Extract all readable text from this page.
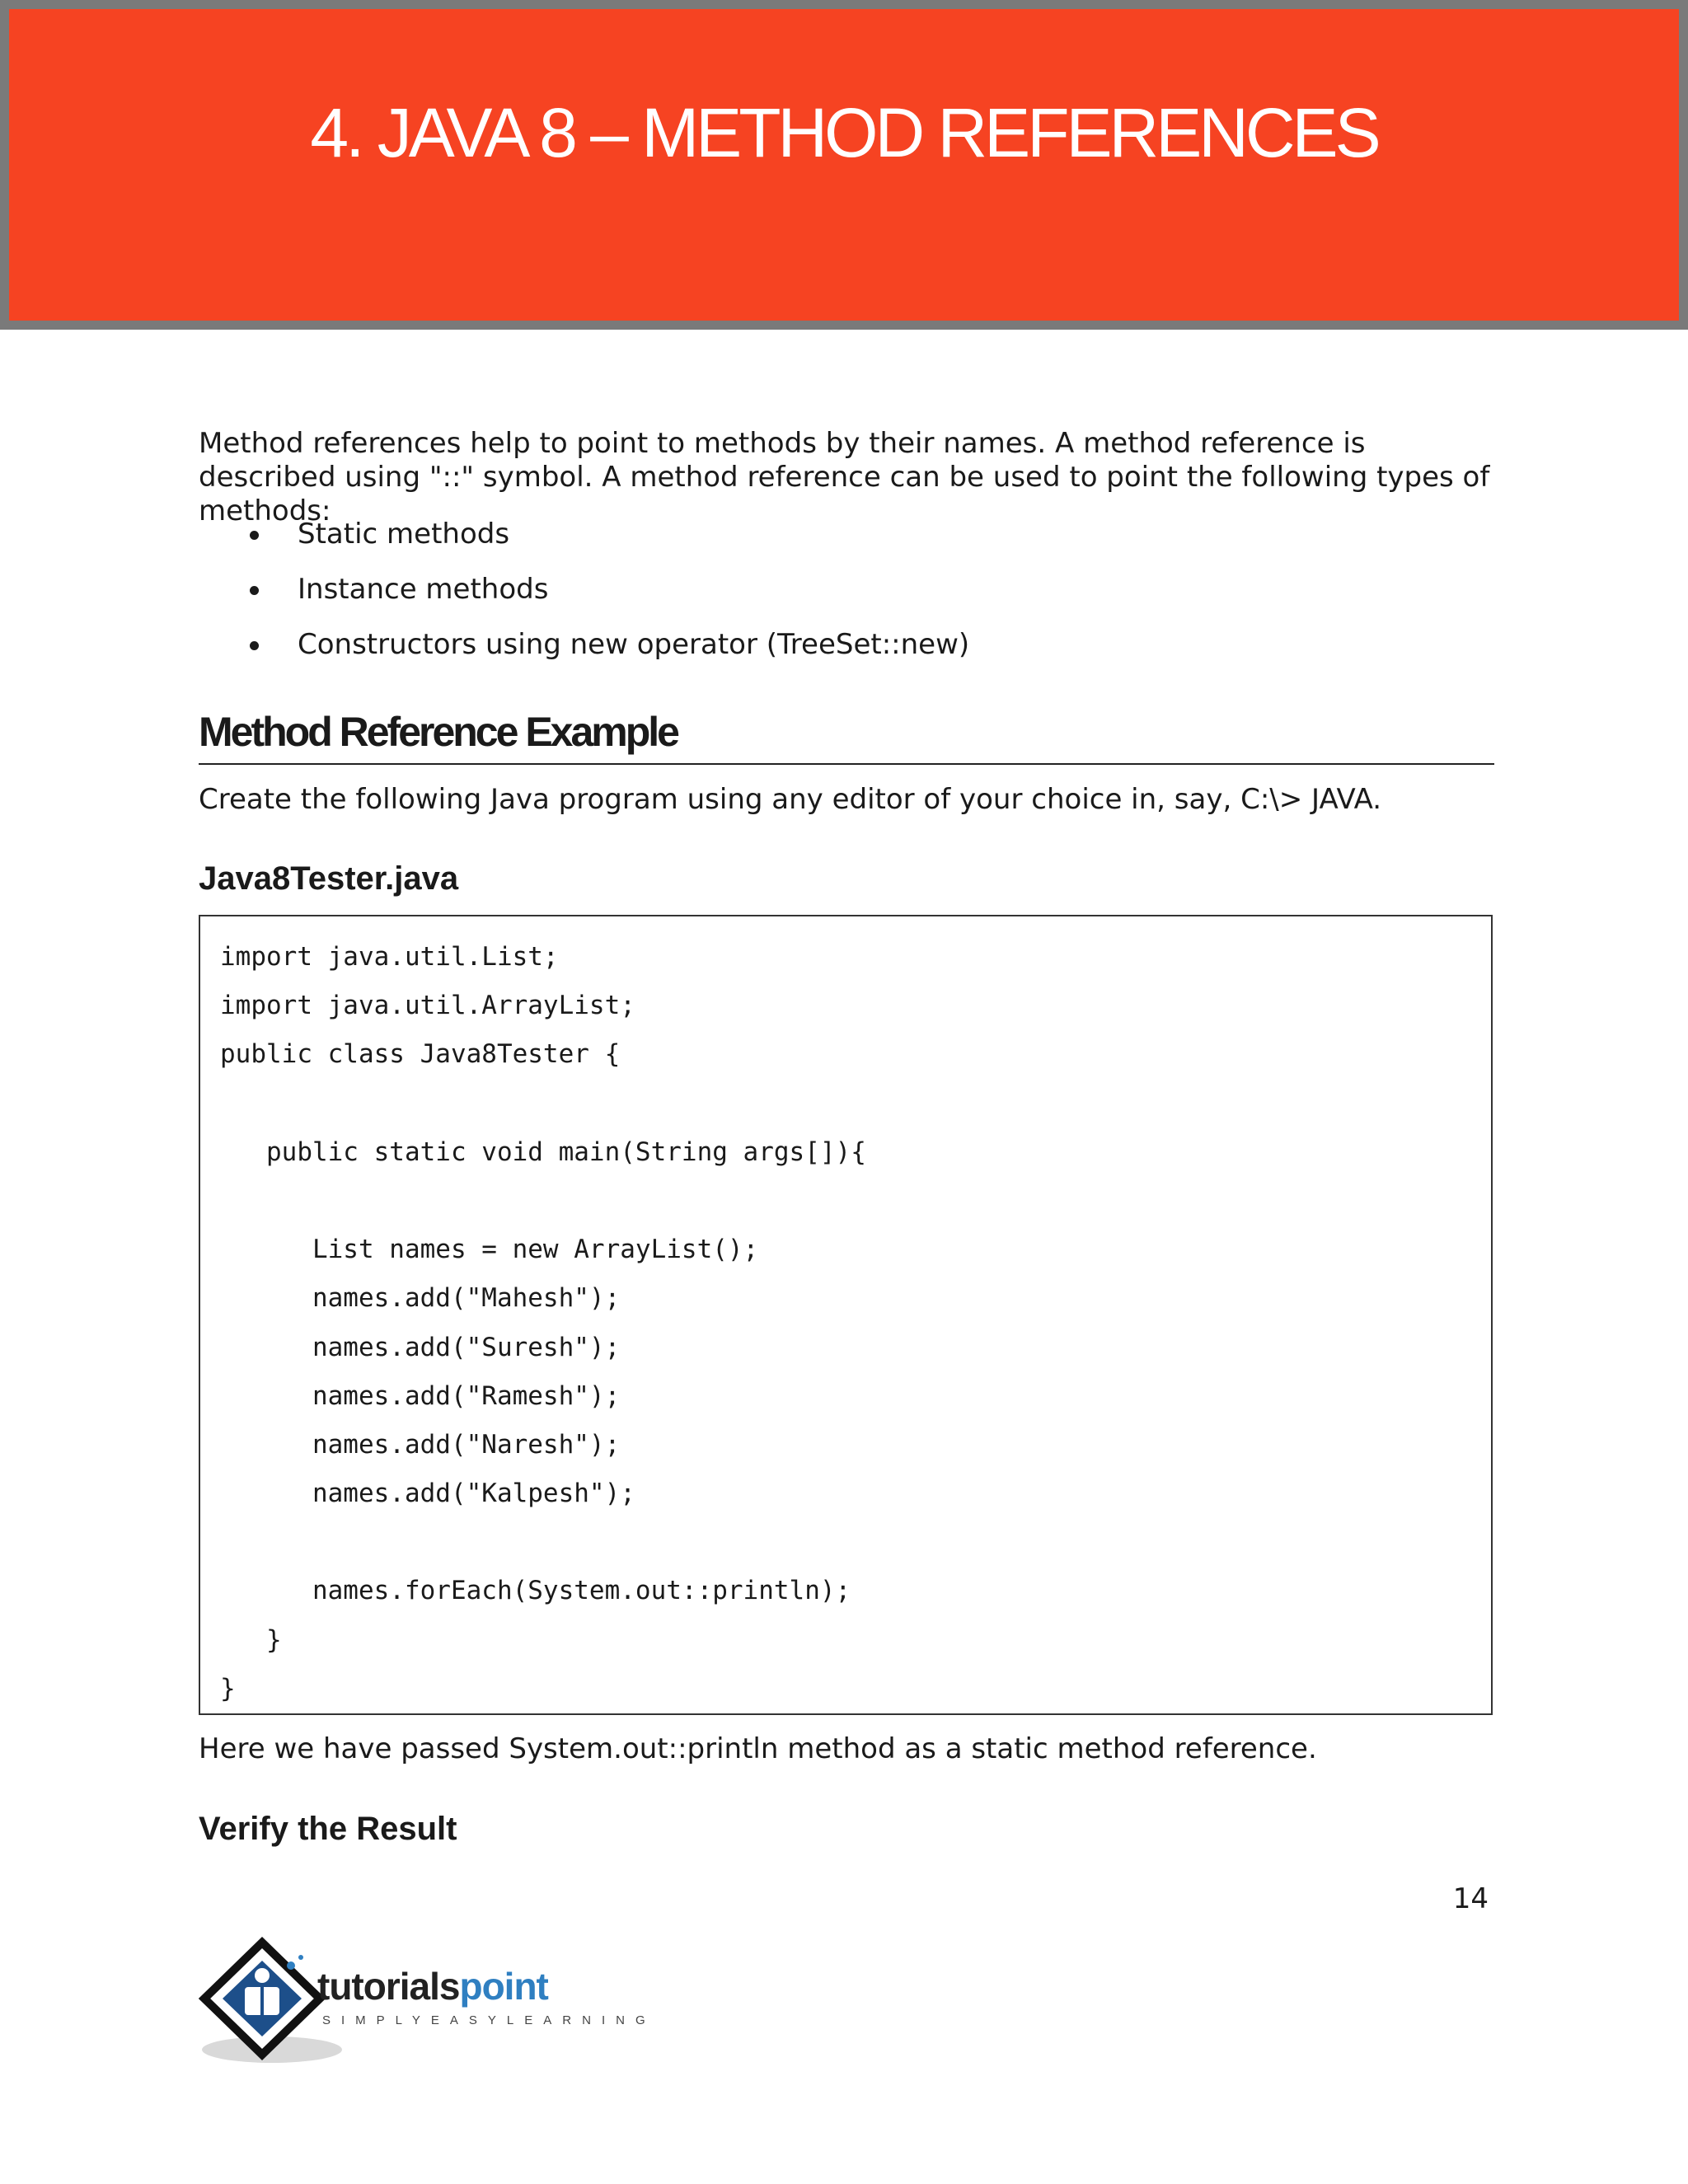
4. JAVA 8 – METHOD REFERENCES
Method references help to point to methods by their names. A method reference is described using "::" symbol. A method reference can be used to point the following types of methods:
Static methods
Instance methods
Constructors using new operator (TreeSet::new)
Method Reference Example
Create the following Java program using any editor of your choice in, say, C:\> JAVA.
Java8Tester.java
import java.util.List;
import java.util.ArrayList;
public class Java8Tester {
public static void main(String args[]){
List names = new ArrayList();
names.add("Mahesh");
names.add("Suresh");
names.add("Ramesh");
names.add("Naresh");
names.add("Kalpesh");
names.forEach(System.out::println);
}
}
Here we have passed System.out::println method as a static method reference.
Verify the Result
14
tutorialspoint
SIMPLYEASYLEARNING
